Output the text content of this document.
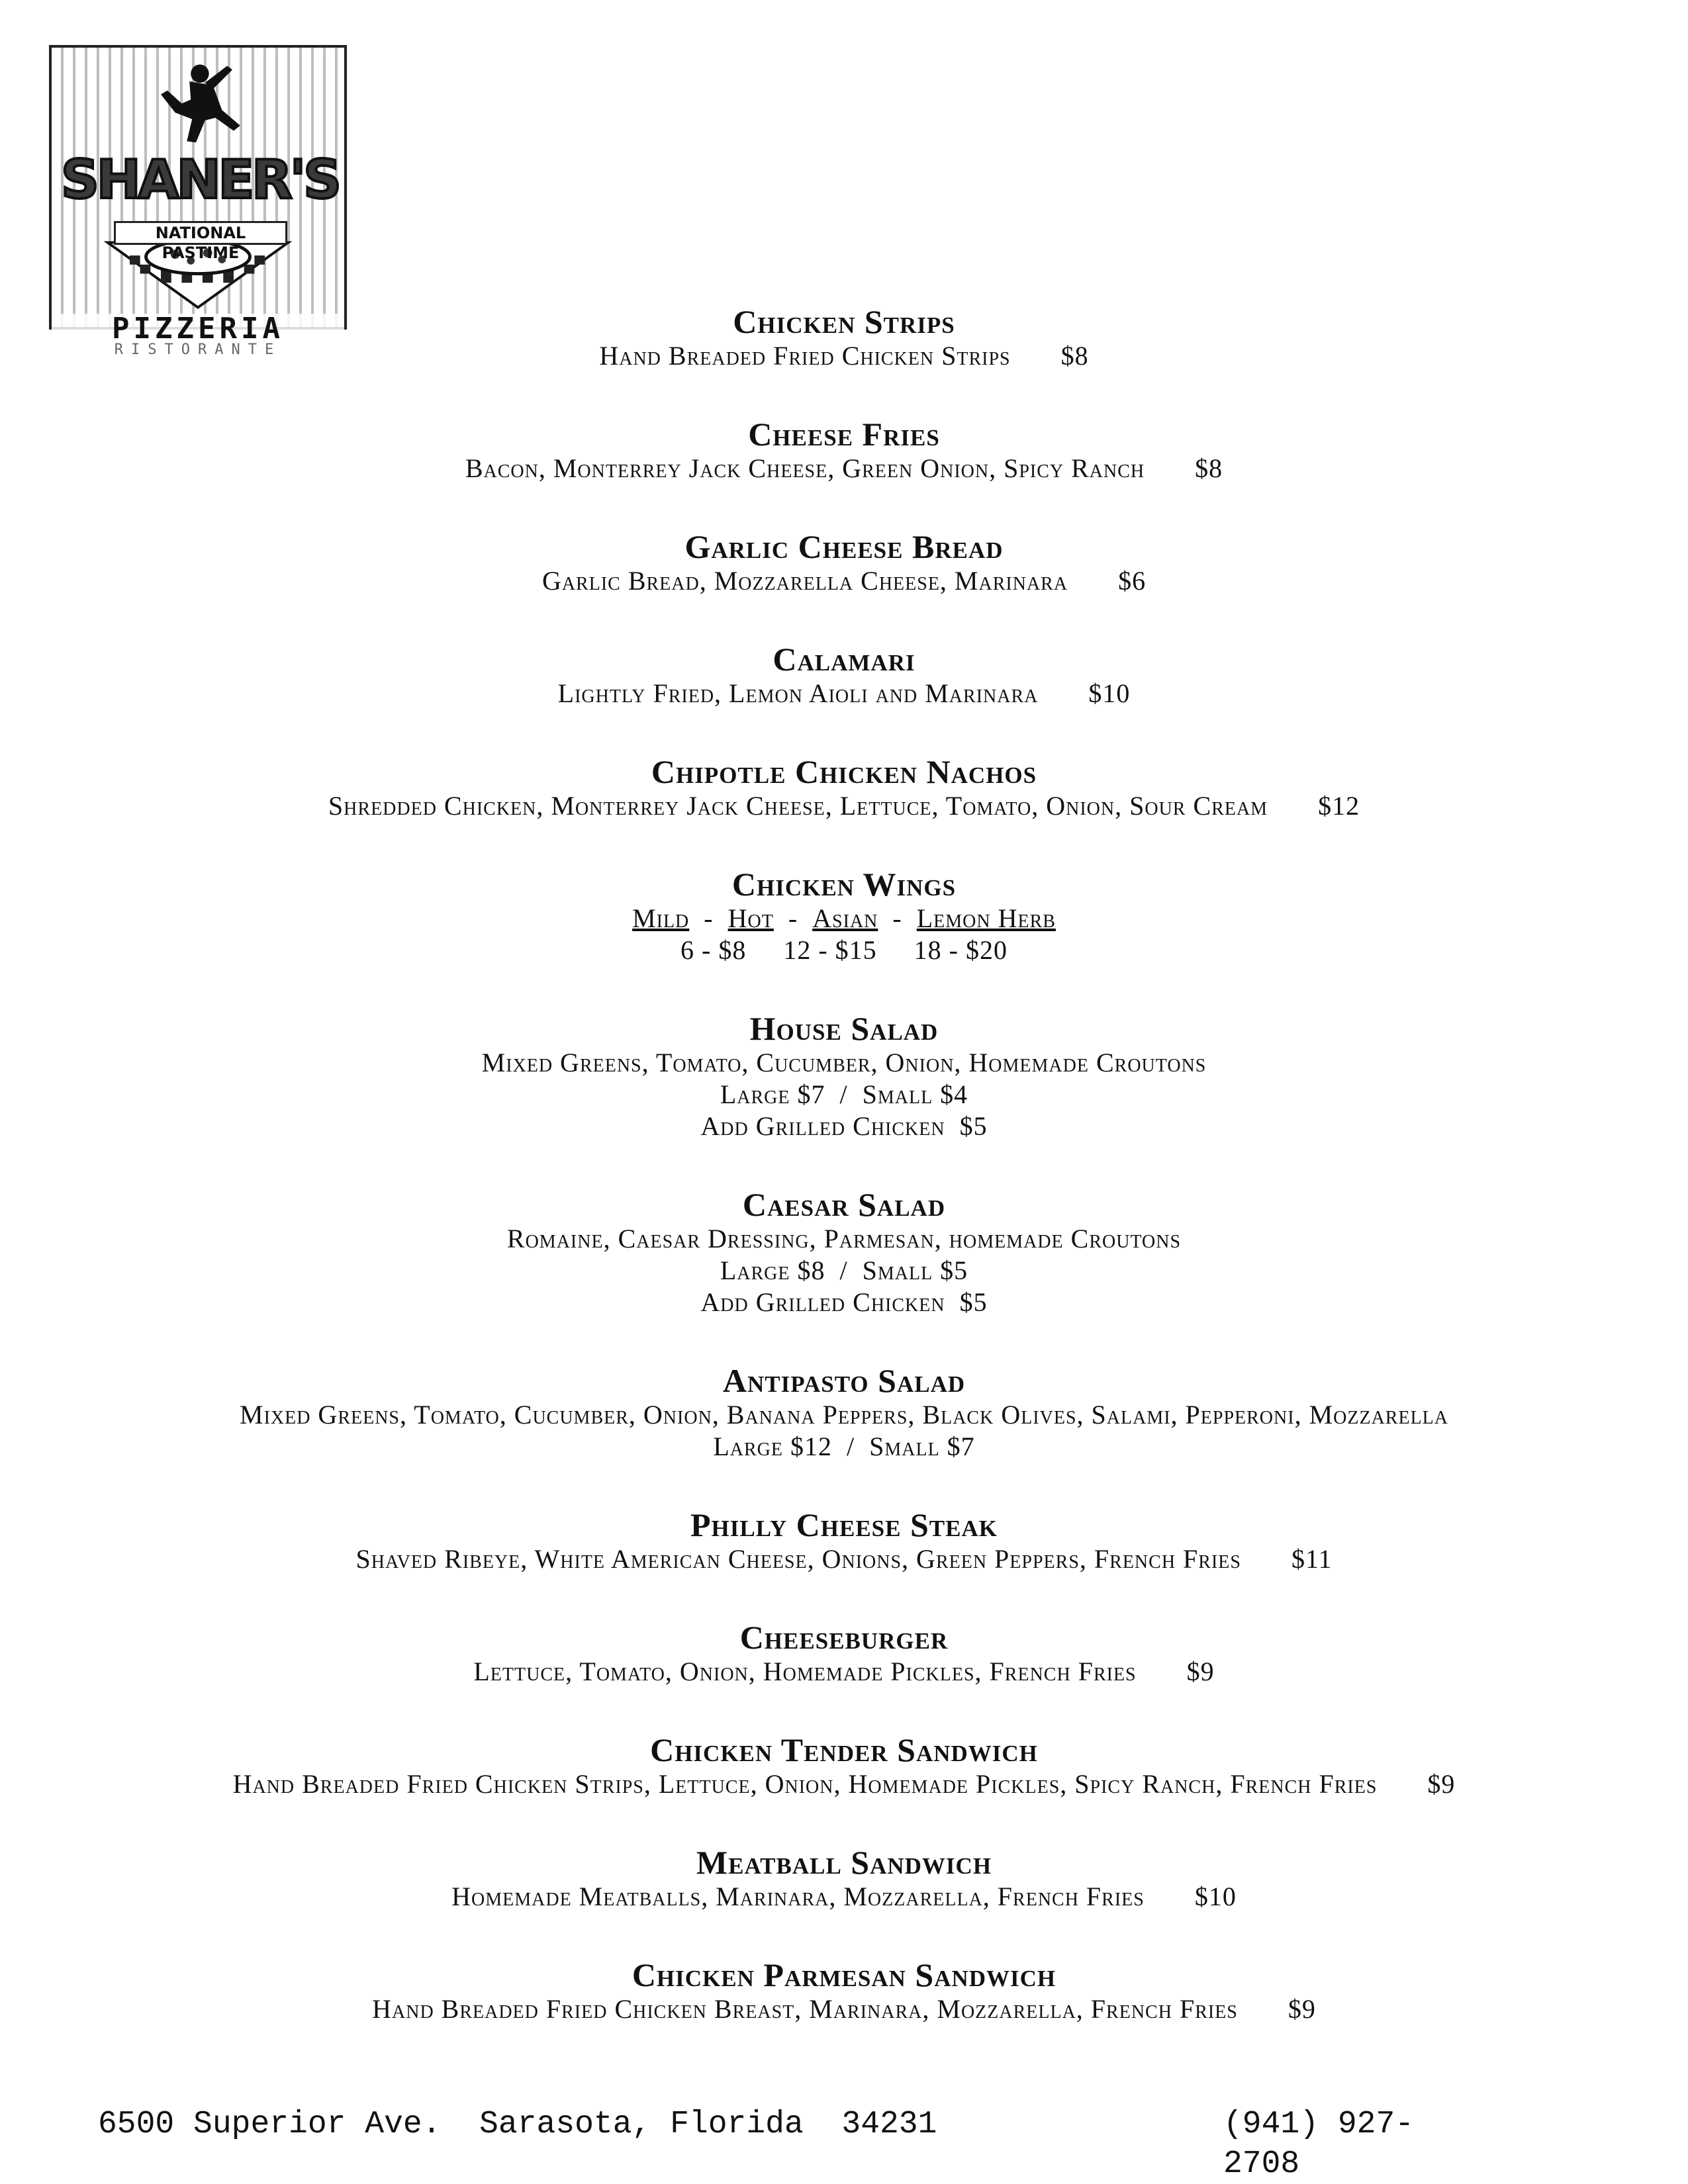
SHANER'S
NATIONAL PASTIME
PIZZERIA
RISTORANTE
Chicken Strips
Hand Breaded Fried Chicken Strips $8
Cheese Fries
Bacon, Monterrey Jack Cheese, Green Onion, Spicy Ranch $8
Garlic Cheese Bread
Garlic Bread, Mozzarella Cheese, Marinara $6
Calamari
Lightly Fried, Lemon Aioli and Marinara $10
Chipotle Chicken Nachos
Shredded Chicken, Monterrey Jack Cheese, Lettuce, Tomato, Onion, Sour Cream $12
Chicken Wings
Mild - Hot - Asian - Lemon Herb
6 - $8 12 - $15 18 - $20
House Salad
Mixed Greens, Tomato, Cucumber, Onion, Homemade Croutons
Large $7  /  Small $4
Add Grilled Chicken  $5
Caesar Salad
Romaine, Caesar Dressing, Parmesan, homemade Croutons
Large $8  /  Small $5
Add Grilled Chicken  $5
Antipasto Salad
Mixed Greens, Tomato, Cucumber, Onion, Banana Peppers, Black Olives, Salami, Pepperoni, Mozzarella
Large $12  /  Small $7
Philly Cheese Steak
Shaved Ribeye, White American Cheese, Onions, Green Peppers, French Fries $11
Cheeseburger
Lettuce, Tomato, Onion, Homemade Pickles, French Fries $9
Chicken Tender Sandwich
Hand Breaded Fried Chicken Strips, Lettuce, Onion, Homemade Pickles, Spicy Ranch, French Fries $9
Meatball Sandwich
Homemade Meatballs, Marinara, Mozzarella, French Fries $10
Chicken Parmesan Sandwich
Hand Breaded Fried Chicken Breast, Marinara, Mozzarella, French Fries $9
6500 Superior Ave.  Sarasota, Florida  34231	(941) 927-2708
